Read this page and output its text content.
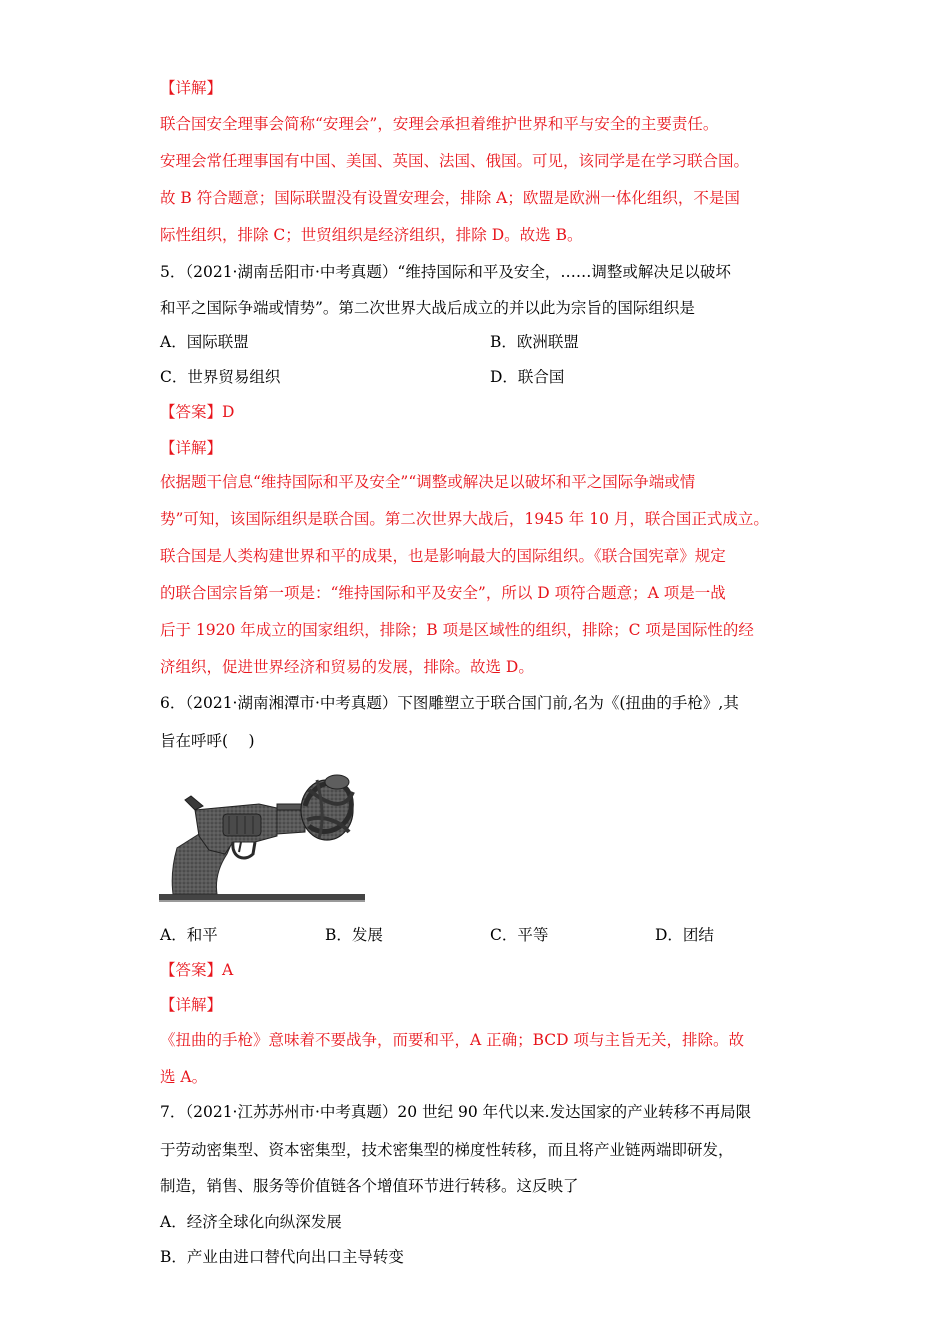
【详解】
联合国安全理事会简称“安理会”，安理会承担着维护世界和平与安全的主要责任。
安理会常任理事国有中国、美国、英国、法国、俄国。可见，该同学是在学习联合国。
故 B 符合题意；国际联盟没有设置安理会，排除 A；欧盟是欧洲一体化组织，不是国
际性组织，排除 C；世贸组织是经济组织，排除 D。故选 B。
5．（2021·湖南岳阳市·中考真题）“维持国际和平及安全，……调整或解决足以破坏
和平之国际争端或情势”。第二次世界大战后成立的并以此为宗旨的国际组织是
A．国际联盟	B．欧洲联盟
C．世界贸易组织	D．联合国
【答案】D
【详解】
依据题干信息“维持国际和平及安全”“调整或解决足以破坏和平之国际争端或情
势”可知，该国际组织是联合国。第二次世界大战后，1945 年 10 月，联合国正式成立。
联合国是人类构建世界和平的成果，也是影响最大的国际组织。《联合国宪章》规定
的联合国宗旨第一项是：“维持国际和平及安全”，所以 D 项符合题意；A 项是一战
后于 1920 年成立的国家组织，排除；B 项是区域性的组织，排除；C 项是国际性的经
济组织，促进世界经济和贸易的发展，排除。故选 D。
6．（2021·湖南湘潭市·中考真题）下图雕塑立于联合国门前,名为《(扭曲的手枪》,其
旨在呼呼(　 )
A．和平	B．发展	C．平等	D．团结
【答案】A
【详解】
《扭曲的手枪》意味着不要战争，而要和平，A 正确；BCD 项与主旨无关，排除。故
选 A。
7．（2021·江苏苏州市·中考真题）20 世纪 90 年代以来.发达国家的产业转移不再局限
于劳动密集型、资本密集型，技术密集型的梯度性转移，而且将产业链两端即研发，
制造，销售、服务等价值链各个增值环节进行转移。这反映了
A．经济全球化向纵深发展
B．产业由进口替代向出口主导转变
